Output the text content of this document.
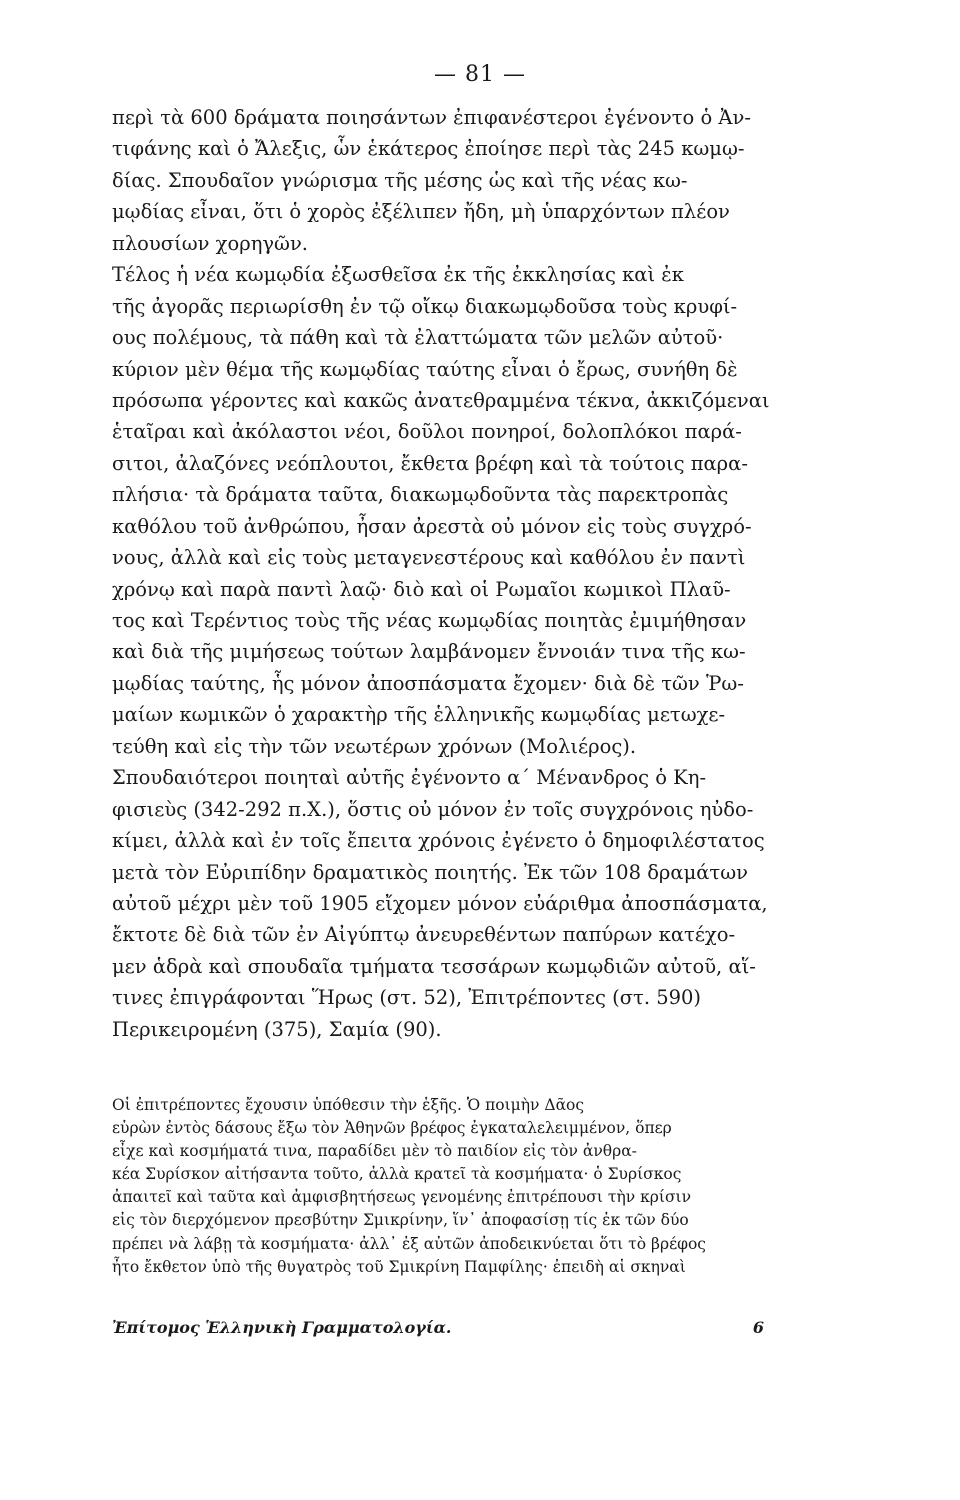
— 81 —
περὶ τὰ 600 δράματα ποιησάντων ἐπιφανέστεροι ἐγένοντο ὁ Ἀν-
τιφάνης καὶ ὁ Ἄλεξις, ὧν ἑκάτερος ἐποίησε περὶ τὰς 245 κωμῳ-
δίας. Σπουδαῖον γνώρισμα τῆς μέσης ὡς καὶ τῆς νέας κω-
μῳδίας εἶναι, ὅτι ὁ χορὸς ἐξέλιπεν ἤδη, μὴ ὑπαρχόντων πλέον
πλουσίων χορηγῶν.
Τέλος ἡ νέα κωμῳδία ἐξωσθεῖσα ἐκ τῆς ἐκκλησίας καὶ ἐκ
τῆς ἀγορᾶς περιωρίσθη ἐν τῷ οἴκῳ διακωμῳδοῦσα τοὺς κρυφί-
ους πολέμους, τὰ πάθη καὶ τὰ ἐλαττώματα τῶν μελῶν αὐτοῦ·
κύριον μὲν θέμα τῆς κωμῳδίας ταύτης εἶναι ὁ ἔρως, συνήθη δὲ
πρόσωπα γέροντες καὶ κακῶς ἀνατεθραμμένα τέκνα, ἀκκιζόμεναι
ἑταῖραι καὶ ἀκόλαστοι νέοι, δοῦλοι πονηροί, δολοπλόκοι παρά-
σιτοι, ἀλαζόνες νεόπλουτοι, ἔκθετα βρέφη καὶ τὰ τούτοις παρα-
πλήσια· τὰ δράματα ταῦτα, διακωμῳδοῦντα τὰς παρεκτροπὰς
καθόλου τοῦ ἀνθρώπου, ἦσαν ἀρεστὰ οὐ μόνον εἰς τοὺς συγχρό-
νους, ἀλλὰ καὶ εἰς τοὺς μεταγενεστέρους καὶ καθόλου ἐν παντὶ
χρόνῳ καὶ παρὰ παντὶ λαῷ· διὸ καὶ οἱ Ρωμαῖοι κωμικοὶ Πλαῦ-
τος καὶ Τερέντιος τοὺς τῆς νέας κωμῳδίας ποιητὰς ἐμιμήθησαν
καὶ διὰ τῆς μιμήσεως τούτων λαμβάνομεν ἔννοιάν τινα τῆς κω-
μῳδίας ταύτης, ἧς μόνον ἀποσπάσματα ἔχομεν· διὰ δὲ τῶν Ῥω-
μαίων κωμικῶν ὁ χαρακτὴρ τῆς ἑλληνικῆς κωμῳδίας μετωχε-
τεύθη καὶ εἰς τὴν τῶν νεωτέρων χρόνων (Μολιέρος).
Σπουδαιότεροι ποιηταὶ αὐτῆς ἐγένοντο α´ Μένανδρος ὁ Κη-
φισιεὺς (342-292 π.Χ.), ὅστις οὐ μόνον ἐν τοῖς συγχρόνοις ηὐδο-
κίμει, ἀλλὰ καὶ ἐν τοῖς ἔπειτα χρόνοις ἐγένετο ὁ δημοφιλέστατος
μετὰ τὸν Εὐριπίδην δραματικὸς ποιητής. Ἐκ τῶν 108 δραμάτων
αὐτοῦ μέχρι μὲν τοῦ 1905 εἴχομεν μόνον εὐάριθμα ἀποσπάσματα,
ἔκτοτε δὲ διὰ τῶν ἐν Αἰγύπτῳ ἀνευρεθέντων παπύρων κατέχο-
μεν ἁδρὰ καὶ σπουδαῖα τμήματα τεσσάρων κωμῳδιῶν αὐτοῦ, αἵ-
τινες ἐπιγράφονται Ἥρως (στ. 52), Ἐπιτρέποντες (στ. 590)
Περικειρομένη (375), Σαμία (90).
Οἱ ἐπιτρέποντες ἔχουσιν ὑπόθεσιν τὴν ἑξῆς. Ὁ ποιμὴν Δᾶος
εὑρὼν ἐντὸς δάσους ἔξω τὸν Ἀθηνῶν βρέφος ἐγκαταλελειμμένον, ὅπερ
εἶχε καὶ κοσμήματά τινα, παραδίδει μὲν τὸ παιδίον εἰς τὸν ἀνθρα-
κέα Συρίσκον αἰτήσαντα τοῦτο, ἀλλὰ κρατεῖ τὰ κοσμήματα· ὁ Συρίσκος
ἀπαιτεῖ καὶ ταῦτα καὶ ἀμφισβητήσεως γενομένης ἐπιτρέπουσι τὴν κρίσιν
εἰς τὸν διερχόμενον πρεσβύτην Σμικρίνην, ἵν᾽ ἀποφασίσῃ τίς ἐκ τῶν δύο
πρέπει νὰ λάβῃ τὰ κοσμήματα· ἀλλ᾽ ἐξ αὐτῶν ἀποδεικνύεται ὅτι τὸ βρέφος
ἦτο ἔκθετον ὑπὸ τῆς θυγατρὸς τοῦ Σμικρίνη Παμφίλης· ἐπειδὴ αἱ σκηναὶ
Ἐπίτομος Ἑλληνικὴ Γραμματολογία.	6
